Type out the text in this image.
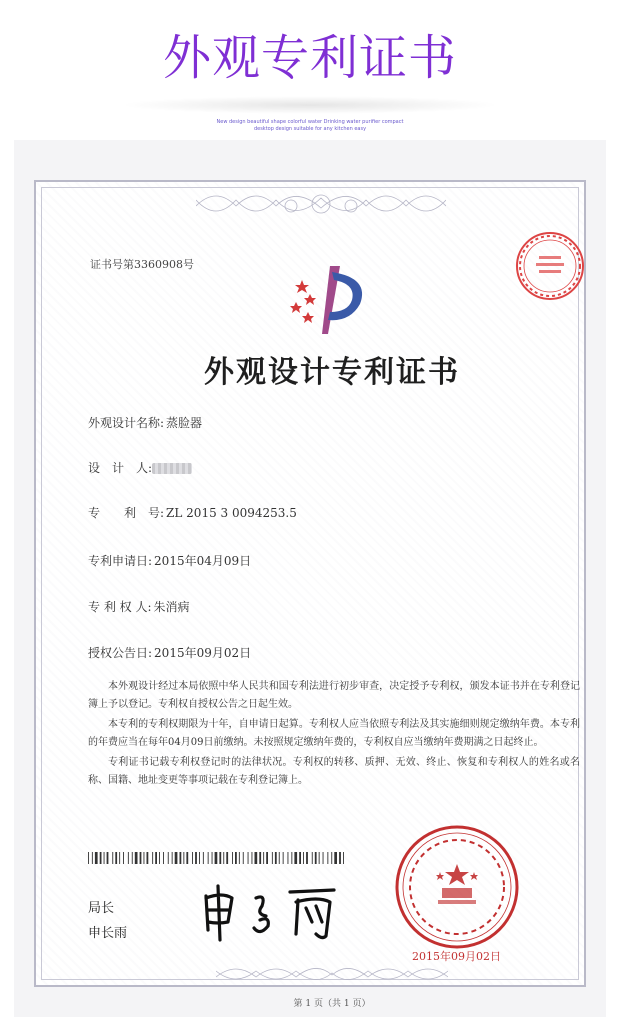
外观专利证书
New design beautiful shape colorful water Drinking water purifier compact
desktop design suitable for any kitchen easy
证书号第3360908号
外观设计专利证书
外观设计名称: 蒸脸器
设　计　人:
专　　利　号: ZL 2015 3 0094253.5
专利申请日: 2015年04月09日
专 利 权 人: 朱消病
授权公告日: 2015年09月02日

本外观设计经过本局依照中华人民共和国专利法进行初步审查，决定授予专利权，颁发本证书并在专利登记簿上予以登记。专利权自授权公告之日起生效。

本专利的专利权期限为十年，自申请日起算。专利权人应当依照专利法及其实施细则规定缴纳年费。本专利的年费应当在每年04月09日前缴纳。未按照规定缴纳年费的，专利权自应当缴纳年费期满之日起终止。

专利证书记载专利权登记时的法律状况。专利权的转移、质押、无效、终止、恢复和专利权人的姓名或名称、国籍、地址变更等事项记载在专利登记簿上。

局长
申长雨
2015年09月02日
第 1 页（共 1 页）
